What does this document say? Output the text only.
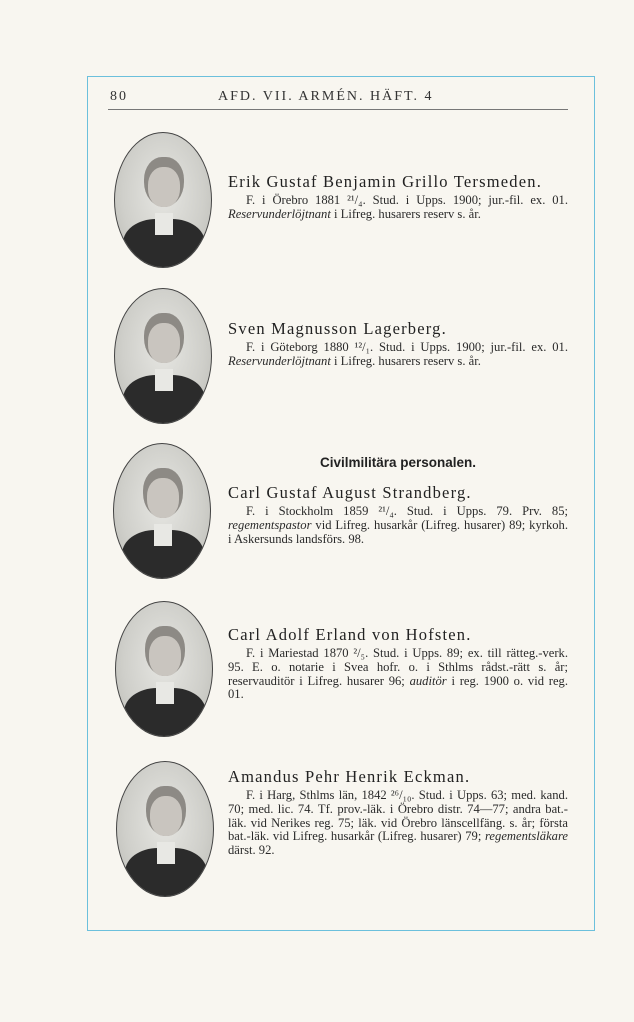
80	AFD. VII. ARMÉN. HÄFT. 4
Civilmilitära personalen.
Erik Gustaf Benjamin Grillo Tersmeden.
F. i Örebro 1881 ²¹/₄. Stud. i Upps. 1900; jur.-fil. ex. 01. Reservunderlöjtnant i Lifreg. husarers reserv s. år.
Sven Magnusson Lagerberg.
F. i Göteborg 1880 ¹²/₁. Stud. i Upps. 1900; jur.-fil. ex. 01. Reservunderlöjtnant i Lifreg. husarers reserv s. år.
Carl Gustaf August Strandberg.
F. i Stockholm 1859 ²¹/₄. Stud. i Upps. 79. Prv. 85; regementspastor vid Lifreg. husarkår (Lifreg. husarer) 89; kyrkoh. i Askersunds landsförs. 98.
Carl Adolf Erland von Hofsten.
F. i Mariestad 1870 ²/₅. Stud. i Upps. 89; ex. till rätteg.-verk. 95. E. o. notarie i Svea hofr. o. i Sthlms rådst.-rätt s. år; reservauditör i Lifreg. husarer 96; auditör i reg. 1900 o. vid reg. 01.
Amandus Pehr Henrik Eckman.
F. i Harg, Sthlms län, 1842 ²⁶/₁₀. Stud. i Upps. 63; med. kand. 70; med. lic. 74. Tf. prov.-läk. i Örebro distr. 74—77; andra bat.-läk. vid Nerikes reg. 75; läk. vid Örebro länscellfäng. s. år; första bat.-läk. vid Lifreg. husarkår (Lifreg. husarer) 79; regementsläkare därst. 92.
